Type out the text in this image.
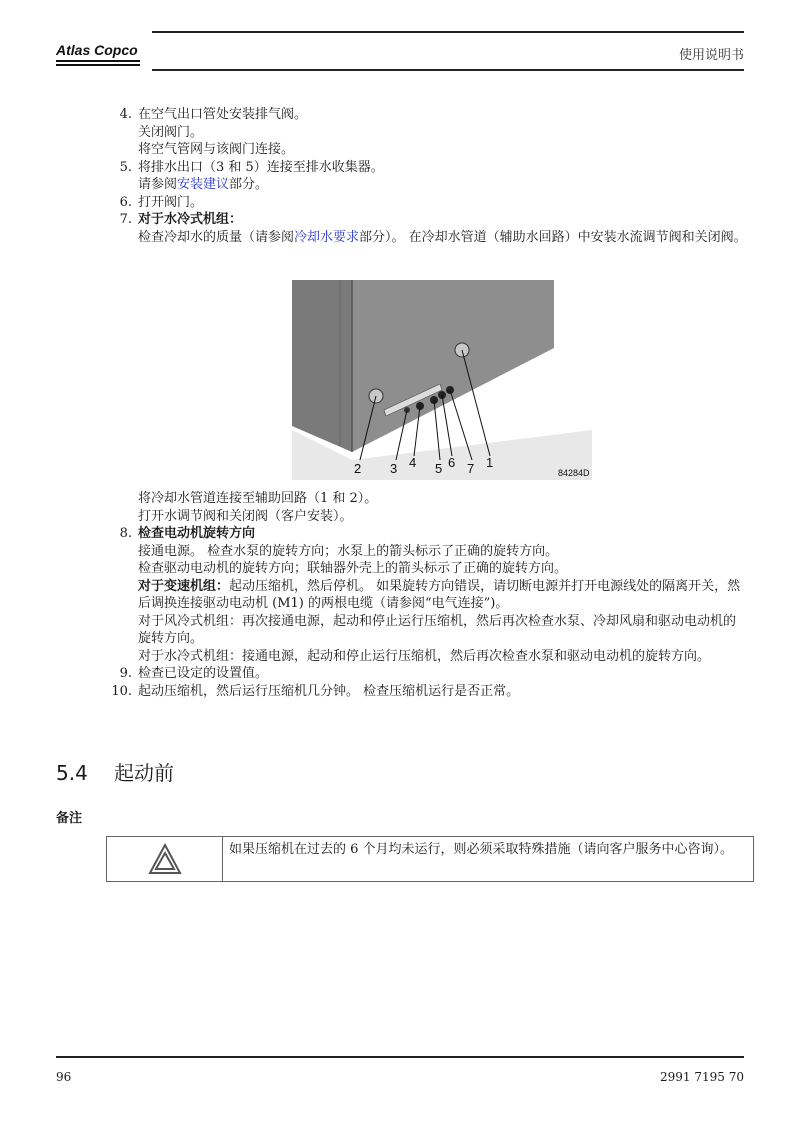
Atlas Copco	使用说明书
4. 在空气出口管处安装排气阀。
关闭阀门。
将空气管网与该阀门连接。
5. 将排水出口（3 和 5）连接至排水收集器。
请参阅安装建议部分。
6. 打开阀门。
7. 对于水冷式机组：
检查冷却水的质量（请参阅冷却水要求部分）。 在冷却水管道（辅助水回路）中安装水流调节阀和关闭阀。
2 3 4 5 6 7 1
84284D
将冷却水管道连接至辅助回路（1 和 2）。
打开水调节阀和关闭阀（客户安装）。
8. 检查电动机旋转方向
接通电源。 检查水泵的旋转方向；水泵上的箭头标示了正确的旋转方向。
检查驱动电动机的旋转方向；联轴器外壳上的箭头标示了正确的旋转方向。
对于变速机组：起动压缩机，然后停机。 如果旋转方向错误，请切断电源并打开电源线处的隔离开关，然后调换连接驱动电动机 (M1) 的两根电缆（请参阅“电气连接”)。
对于风冷式机组：再次接通电源，起动和停止运行压缩机，然后再次检查水泵、冷却风扇和驱动电动机的旋转方向。
对于水冷式机组：接通电源，起动和停止运行压缩机，然后再次检查水泵和驱动电动机的旋转方向。
9. 检查已设定的设置值。
10. 起动压缩机，然后运行压缩机几分钟。 检查压缩机运行是否正常。
5.4 起动前
备注
如果压缩机在过去的 6 个月均未运行，则必须采取特殊措施（请向客户服务中心咨询）。
96	2991 7195 70
